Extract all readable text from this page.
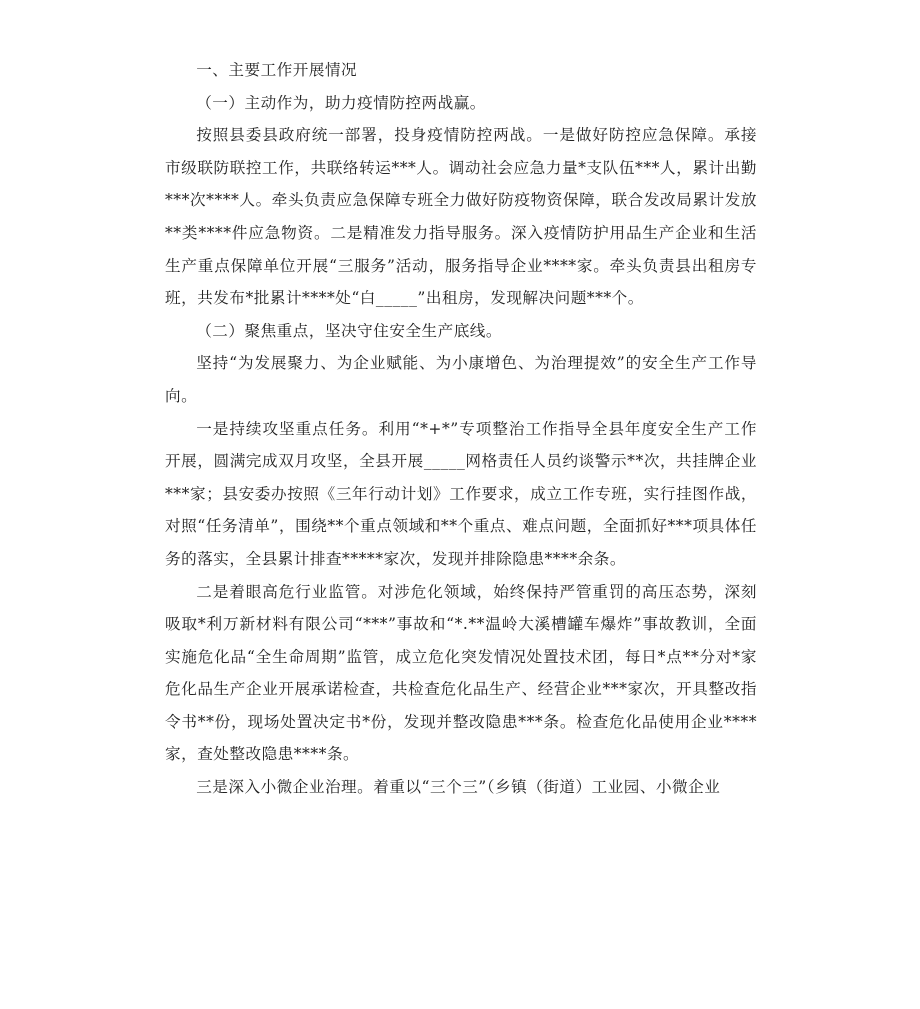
一、主要工作开展情况

（一）主动作为，助力疫情防控两战赢。

按照县委县政府统一部署，投身疫情防控两战。一是做好防控应急保障。承接市级联防联控工作，共联络转运***人。调动社会应急力量*支队伍***人，累计出勤***次****人。牵头负责应急保障专班全力做好防疫物资保障，联合发改局累计发放**类****件应急物资。二是精准发力指导服务。深入疫情防护用品生产企业和生活生产重点保障单位开展“三服务”活动，服务指导企业****家。牵头负责县出租房专班，共发布*批累计****处“白_____”出租房，发现解决问题***个。

（二）聚焦重点，坚决守住安全生产底线。

坚持“为发展聚力、为企业赋能、为小康增色、为治理提效”的安全生产工作导向。

一是持续攻坚重点任务。利用“*+*”专项整治工作指导全县年度安全生产工作开展，圆满完成双月攻坚，全县开展_____网格责任人员约谈警示**次，共挂牌企业***家；县安委办按照《三年行动计划》工作要求，成立工作专班，实行挂图作战，对照“任务清单”，围绕**个重点领域和**个重点、难点问题，全面抓好***项具体任务的落实，全县累计排查*****家次，发现并排除隐患****余条。

二是着眼高危行业监管。对涉危化领域，始终保持严管重罚的高压态势，深刻吸取*利万新材料有限公司“***”事故和“*.**温岭大溪槽罐车爆炸”事故教训，全面实施危化品“全生命周期”监管，成立危化突发情况处置技术团，每日*点**分对*家危化品生产企业开展承诺检查，共检查危化品生产、经营企业***家次，开具整改指令书**份，现场处置决定书*份，发现并整改隐患***条。检查危化品使用企业****家，查处整改隐患****条。

三是深入小微企业治理。着重以“三个三”（乡镇（街道）工业园、小微企业
